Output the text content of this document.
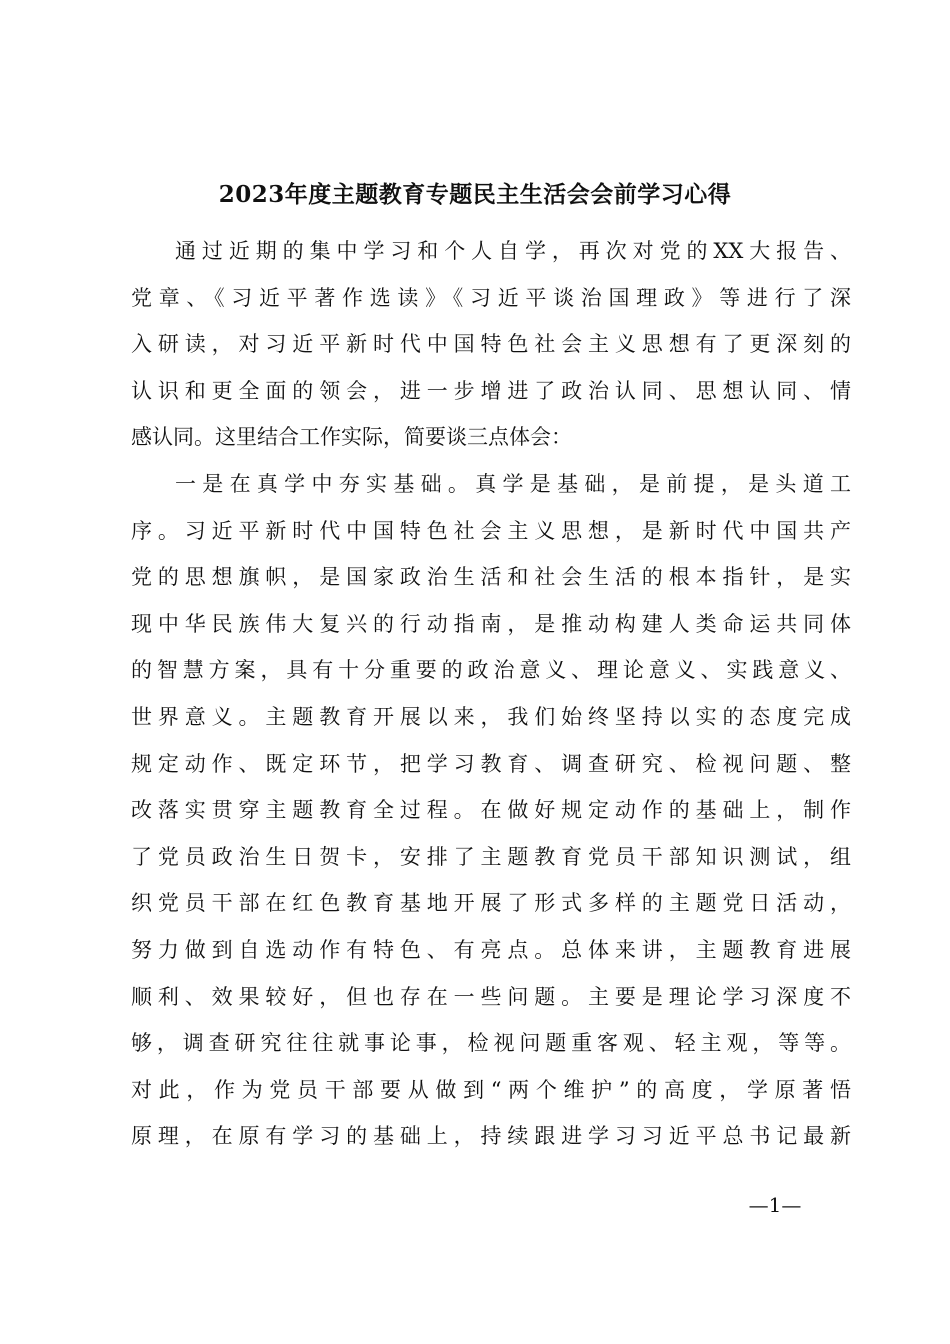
2023年度主题教育专题民主生活会会前学习心得
通过近期的集中学习和个人自学，再次对党的XX大报告、
党章、《习近平著作选读》《习近平谈治国理政》等进行了深
入研读，对习近平新时代中国特色社会主义思想有了更深刻的
认识和更全面的领会，进一步增进了政治认同、思想认同、情
感认同。这里结合工作实际，简要谈三点体会：
一是在真学中夯实基础。真学是基础，是前提，是头道工
序。习近平新时代中国特色社会主义思想，是新时代中国共产
党的思想旗帜，是国家政治生活和社会生活的根本指针，是实
现中华民族伟大复兴的行动指南，是推动构建人类命运共同体
的智慧方案，具有十分重要的政治意义、理论意义、实践意义、
世界意义。主题教育开展以来，我们始终坚持以实的态度完成
规定动作、既定环节，把学习教育、调查研究、检视问题、整
改落实贯穿主题教育全过程。在做好规定动作的基础上，制作
了党员政治生日贺卡，安排了主题教育党员干部知识测试，组
织党员干部在红色教育基地开展了形式多样的主题党日活动，
努力做到自选动作有特色、有亮点。总体来讲，主题教育进展
顺利、效果较好，但也存在一些问题。主要是理论学习深度不
够，调查研究往往就事论事，检视问题重客观、轻主观，等等。
对此，作为党员干部要从做到“两个维护”的高度，学原著悟
原理，在原有学习的基础上，持续跟进学习习近平总书记最新
—1—
